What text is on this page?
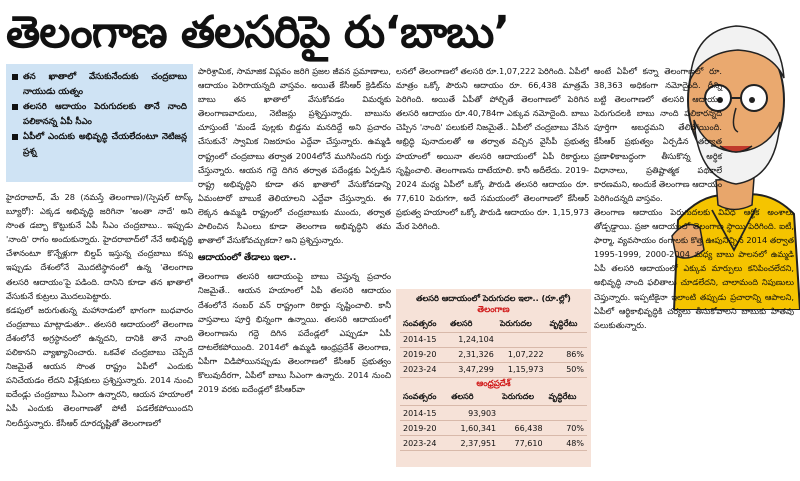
తెలంగాణ తలసరిపై రు‘బాబు’
తన ఖాతాలో వేసుకునేందుకు చంద్రబాబు నాయుడు యత్నం
తలసరి ఆదాయం పెరుగుదలకు తానే నాంది పలికానన్న ఏపీ సీఎం
ఏపీలో ఎందుకు అభివృద్ధి చేయలేదంటూ నెటిజన్ల ప్రశ్న

హైదరాబాద్, మే 28 (నమస్తే తెలంగాణ)/(స్పెషల్ టాస్క్ బ్యూరో): ఎక్కడ అభివృద్ధి జరిగినా 'అంతా నాదే' అని సొంత డబ్బా కొట్టుకునే ఏపీ సీఎం చంద్రబాబు.. ఇప్పుడు 'నాంది' రాగం అందుకున్నారు. హైదరాబాద్‌లో నేనే అభివృద్ధి చేశానంటూ కొన్నేళ్లుగా బిల్డప్ ఇస్తున్న చంద్రబాబు కన్ను ఇప్పుడు దేశంలోనే మొదటిస్థానంలో ఉన్న 'తెలంగాణ తలసరి ఆదాయం'పై పడింది. దానిని కూడా తన ఖాతాలో వేసుకునే కుట్రలు మొదలుపెట్టారు.

కడపులో జరుగుతున్న మహానాడులో భాగంగా బుధవారం చంద్రబాబు మాట్లాడుతూ.. తలసరి ఆదాయంలో తెలంగాణ దేశంలోనే అగ్రస్థానంలో ఉన్నదని, దానికి తానే నాంది పలికానని వ్యాఖ్యానించారు. ఒకవేళ చంద్రబాబు చెప్పేదే నిజమైతే ఆయన సొంత రాష్ట్రం ఏపీలో ఎందుకు పనిచేయడం లేదని విశ్లేషకులు ప్రశ్నిస్తున్నారు. 2014 నుంచి ఐదేండ్లు చంద్రబాబు సీఎంగా ఉన్నారని, ఆయన హయాంలో ఏపీ ఎందుకు తెలంగాణతో పోటీ పడలేకపోయిందని నిలదీస్తున్నారు. కేసీఆర్ దూరదృష్టితో తెలంగాణలో

పారిశ్రామిక, సామాజిక విప్లవం జరిగి ప్రజల జీవన ప్రమాణాలు, ఆదాయం పెరిగాయన్నది వాస్తవం. అయితే కేసీఆర్ క్రెడిట్‌ను బాబు తన ఖాతాలో వేసుకోవడం విమర్శకు తెలంగాణవాదులు, నెటిజన్లు ప్రశ్నిస్తున్నారు. బాబును చూస్తుంటే 'మండే పుల్లకు బిడ్డను మనదిద్దే అని ప్రచారం చేసుకునే' స్వామిక నిజరూపం ఎద్దేవా చేస్తున్నారు. ఉమ్మడి రాష్ట్రంలో చంద్రబాబు తర్వాత 2004లోనే ముగిసిందని గుర్తు చేస్తున్నారు. ఆయన గద్దె దిగిన తర్వాత పదేండ్లకు ఏర్పడిన రాష్ట్ర అభివృద్ధిని కూడా తన ఖాతాలో వేసుకోవడాన్ని ఏమంటారో బాబుకే తెలియాలని ఎద్దేవా చేస్తున్నారు. ఈ లెక్కన ఉమ్మడి రాష్ట్రంలో చంద్రబాబుకు ముందు, తర్వాత పాలించిన సీఎంలు కూడా తెలంగాణ అభివృద్ధిని తమ ఖాతాలో వేసుకోవచ్చుకదా? అని ప్రశ్నిస్తున్నారు.

ఆదాయంలో తేడాలు ఇలా..

తెలంగాణ తలసరి ఆదాయంపై బాబు చెప్తున్న ప్రచారం నిజమైతే.. ఆయన హయాంలో ఏపీ తలసరి ఆదాయం దేశంలోనే నంబర్ వన్ రాష్ట్రంగా రికార్డు సృష్టించాలి. కానీ వాస్తవాలు పూర్తి భిన్నంగా ఉన్నాయి. తలసరి ఆదాయంలో తెలంగాణను గద్దె దిగిన పదేండ్లలో ఎప్పుడూ ఏపీ దాటలేకపోయింది. 2014లో ఉమ్మడి ఆంధ్రప్రదేశ్ తెలంగాణ, ఏపీగా విడిపోయినప్పుడు తెలంగాణలో కేసీఆర్ ప్రభుత్వం కొలువుదీరగా, ఏపీలో బాబు సీఎంగా ఉన్నారు. 2014 నుంచి 2019 వరకు ఐదేండ్లలో కేసీఆర్‌వా

లనలో తెలంగాణలో తలసరి రూ.1,07,222 పెరిగింది. ఏపీలో మాత్రం ఒక్కో పౌరుని ఆదాయం రూ. 66,438 మాత్రమే పెరిగింది. అయితే ఏపీతో పోల్చితే తెలంగాణలో పెరిగిన తలసరి ఆదాయం రూ.40,784గా ఎక్కువ నమోదైంది. బాబు చెప్పిన 'నాంది' పలుకులే నిజమైతే.. ఏపీలో చంద్రబాబు వేసిన అభ్రిద్ధి పునాదులతో ఆ తర్వాత వచ్చిన వైసీపీ ప్రభుత్వ హయాంలో అయినా తలసరి ఆదాయంలో ఏపీ రికార్డులు సృష్టించాలి. తెలంగాణను దాటేయాలి. కానీ అదీలేదు. 2019-2024 మధ్య ఏపీలో ఒక్కో పౌరుడి తలసరి ఆదాయం రూ. 77,610 పెరుగగా, అదే సమయంలో తెలంగాణలో కేసీఆర్ ప్రభుత్వ హయాంలో ఒక్కో పౌరుడి ఆదాయం రూ. 1,15,973 మేర పెరిగింది.

తలసరి ఆదాయంలో పెరుగుదల ఇలా.. (రూ.ల్లో)
తెలంగాణ
సంవత్సరం	తలసరి	పెరుగుదల	వృద్ధిరేటు
2014-15	1,24,104		
2019-20	2,31,326	1,07,222	86%
2023-24	3,47,299	1,15,973	50%
ఆంధ్రప్రదేశ్
సంవత్సరం	తలసరి	పెరుగుదల	వృద్ధిరేటు
2014-15	93,903		
2019-20	1,60,341	66,438	70%
2023-24	2,37,951	77,610	48%

అంటే ఏపీలో కన్నా తెలంగాణలో రూ. 38,363 అధికంగా నమోదైంది. దీన్ని బట్టి తెలంగాణలో తలసరి ఆదాయం పెరుగుదలకి బాబు నాంది పలికారన్నది పూర్తిగా అబద్ధమని తేలిపోయింది. కేసీఆర్ ప్రభుత్వం ఏర్పడిన తర్వాత ప్రణాళికాబద్ధంగా తీసుకొన్న అర్థిక విధానాలు, ప్రతిష్టాత్మక పథకాలే కారణమని, అందుకే తెలంగాణ ఆదాయం పెరిగిందన్నది వాస్తవం.

తెలంగాణ ఆదాయం పెరుగుదలకు వివిధ ఆర్థిక అంశాలు తోడ్పడ్డాయి. ప్రజా ఆదాయంలో తెలంగాణ స్థాయి పెరిగింది. ఐటీ, ఫార్మా, వ్యవసాయం రంగాలకు కొత్త ఊపునిచ్చిన 2014 తర్వాత 1995-1999, 2000-2004 మధ్య బాబు పాలనలో ఉమ్మడి ఏపీ తలసరి ఆదాయంలో ఎక్కువ మార్పులు కనిపించలేదని, అభివృద్ధి నాంది ఫలితాలు చూడలేదని, చాలామంది నిపుణులు చెప్తున్నారు. ఇప్పటికైనా ఇలాంటి తప్పుడు ప్రచారాన్ని ఆపాలని, ఏపీలో ఆర్థికాభివృద్ధికి చర్యలు తీసుకోవాలని బాబుకు హితవు పలుకుతున్నారు.
